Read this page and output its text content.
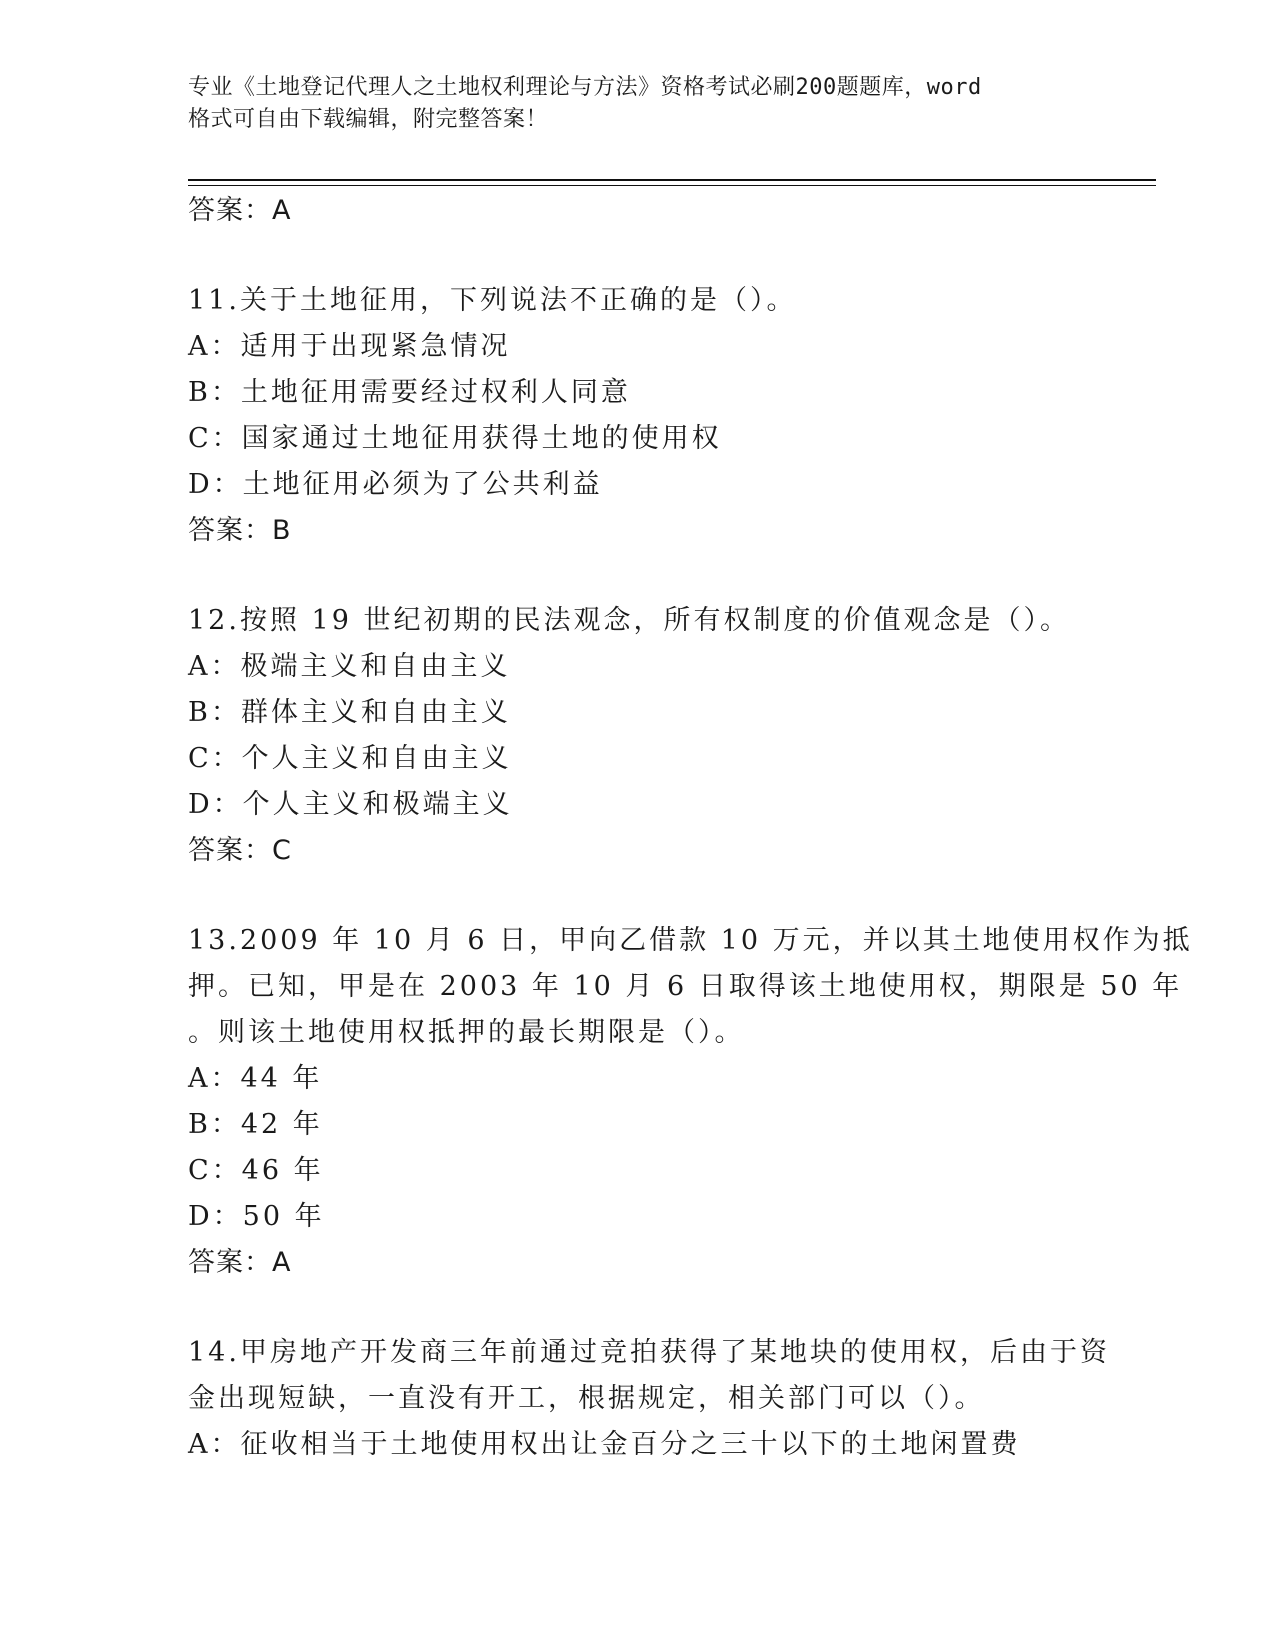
专业《土地登记代理人之土地权利理论与方法》资格考试必刷200题题库，word
格式可自由下载编辑，附完整答案！
答案：A
11.关于土地征用，下列说法不正确的是（）。
A：适用于出现紧急情况
B：土地征用需要经过权利人同意
C：国家通过土地征用获得土地的使用权
D：土地征用必须为了公共利益
答案：B
12.按照 19 世纪初期的民法观念，所有权制度的价值观念是（）。
A：极端主义和自由主义
B：群体主义和自由主义
C：个人主义和自由主义
D：个人主义和极端主义
答案：C
13.2009 年 10 月 6 日，甲向乙借款 10 万元，并以其土地使用权作为抵
押。已知，甲是在 2003 年 10 月 6 日取得该土地使用权，期限是 50 年
。则该土地使用权抵押的最长期限是（）。
A：44 年
B：42 年
C：46 年
D：50 年
答案：A
14.甲房地产开发商三年前通过竞拍获得了某地块的使用权，后由于资
金出现短缺，一直没有开工，根据规定，相关部门可以（）。
A：征收相当于土地使用权出让金百分之三十以下的土地闲置费
